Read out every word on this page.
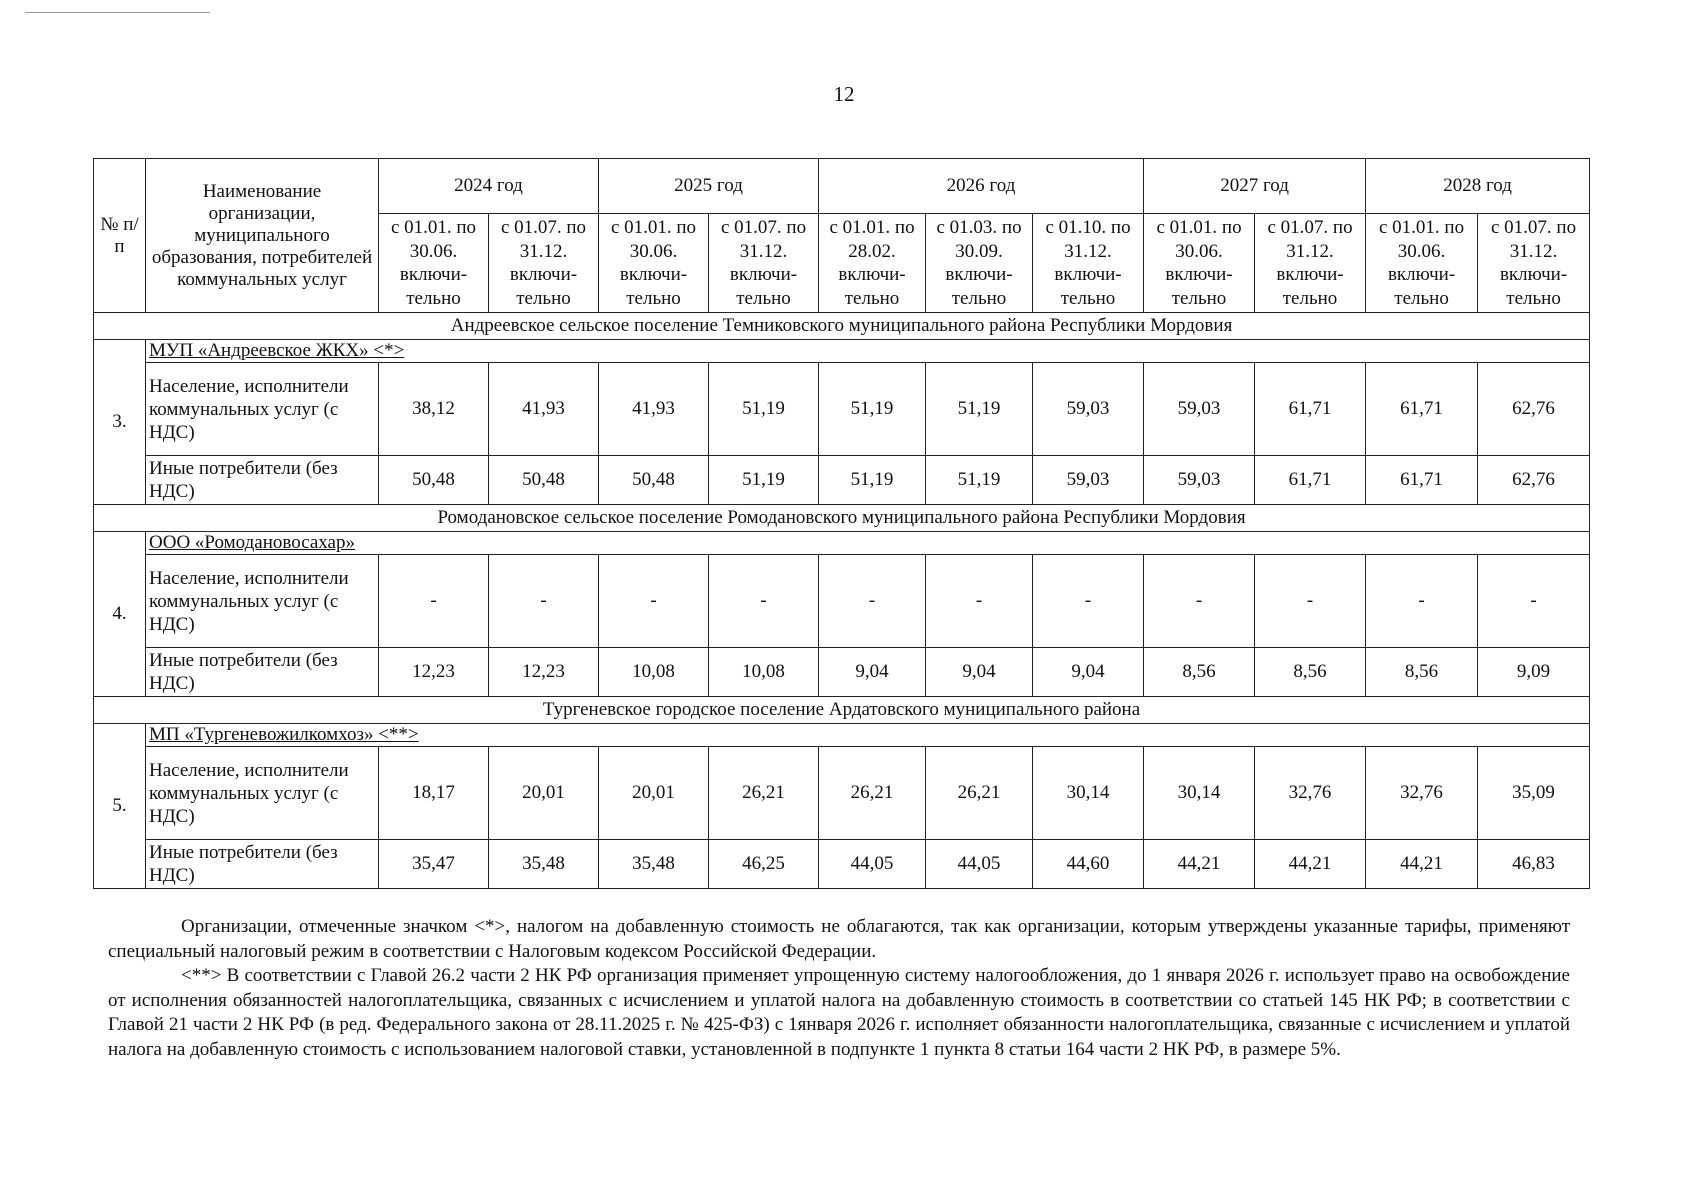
12
№ п/п	Наименование организации, муниципального образования, потребителей коммунальных услуг	2024 год		2025 год		2026 год			2027 год		2028 год	
		с 01.01. по 30.06. включи-тельно	с 01.07. по 31.12. включи-тельно	с 01.01. по 30.06. включи-тельно	с 01.07. по 31.12. включи-тельно	с 01.01. по 28.02. включи-тельно	с 01.03. по 30.09. включи-тельно	с 01.10. по 31.12. включи-тельно	с 01.01. по 30.06. включи-тельно	с 01.07. по 31.12. включи-тельно	с 01.01. по 30.06. включи-тельно	с 01.07. по 31.12. включи-тельно
Андреевское сельское поселение Темниковского муниципального района Республики Мордовия												
3.	МУП «Андреевское ЖКХ» <*>											
	Население, исполнители коммунальных услуг (с НДС)	38,12	41,93	41,93	51,19	51,19	51,19	59,03	59,03	61,71	61,71	62,76
	Иные потребители (без НДС)	50,48	50,48	50,48	51,19	51,19	51,19	59,03	59,03	61,71	61,71	62,76
Ромодановское сельское поселение Ромодановского муниципального района Республики Мордовия												
4.	ООО «Ромодановосахар»											
	Население, исполнители коммунальных услуг (с НДС)	-	-	-	-	-	-	-	-	-	-	-
	Иные потребители (без НДС)	12,23	12,23	10,08	10,08	9,04	9,04	9,04	8,56	8,56	8,56	9,09
Тургеневское городское поселение Ардатовского муниципального района												
5.	МП «Тургеневожилкомхоз» <**>											
	Население, исполнители коммунальных услуг (с НДС)	18,17	20,01	20,01	26,21	26,21	26,21	30,14	30,14	32,76	32,76	35,09
	Иные потребители (без НДС)	35,47	35,48	35,48	46,25	44,05	44,05	44,60	44,21	44,21	44,21	46,83

Организации, отмеченные значком <*>, налогом на добавленную стоимость не облагаются, так как организации, которым утверждены указанные тарифы, применяют специальный налоговый режим в соответствии с Налоговым кодексом Российской Федерации.

<**> В соответствии с Главой 26.2 части 2 НК РФ организация применяет упрощенную систему налогообложения, до 1 января 2026 г. использует право на освобождение от исполнения обязанностей налогоплательщика, связанных с исчислением и уплатой налога на добавленную стоимость в соответствии со статьей 145 НК РФ; в соответствии с Главой 21 части 2 НК РФ (в ред. Федерального закона от 28.11.2025 г. № 425-ФЗ) с 1января 2026 г. исполняет обязанности налогоплательщика, связанные с исчислением и уплатой налога на добавленную стоимость с использованием налоговой ставки, установленной в подпункте 1 пункта 8 статьи 164 части 2 НК РФ, в размере 5%.
